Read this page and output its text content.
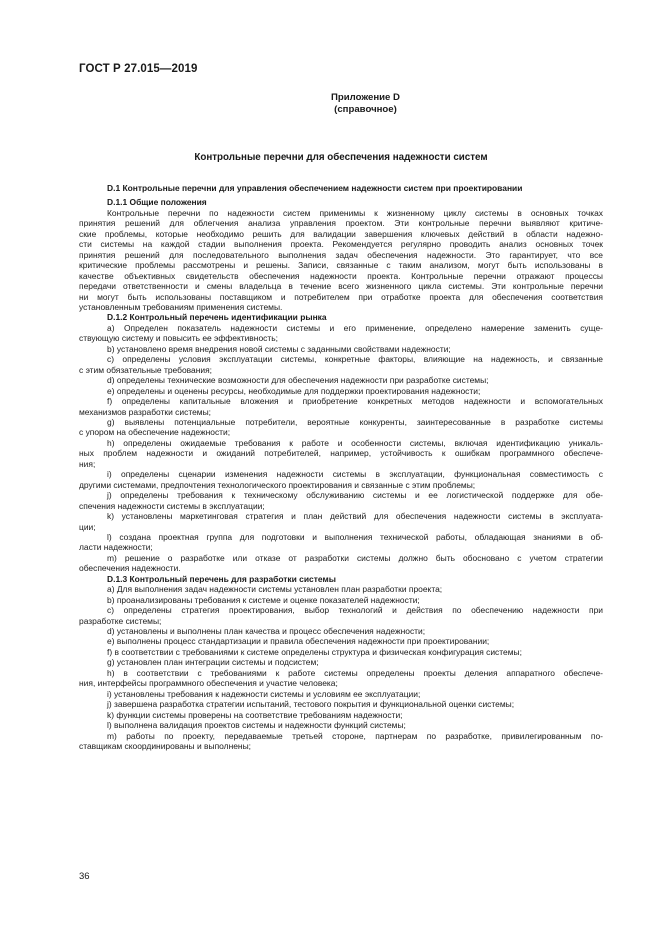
ГОСТ Р 27.015—2019
Приложение D
(справочное)
Контрольные перечни для обеспечения надежности систем
D.1 Контрольные перечни для управления обеспечением надежности систем при проектировании
D.1.1 Общие положения
Контрольные перечни по надежности систем применимы к жизненному циклу системы в основных точках
принятия решений для облегчения анализа управления проектом. Эти контрольные перечни выявляют критиче-
ские проблемы, которые необходимо решить для валидации завершения ключевых действий в области надежно-
сти системы на каждой стадии выполнения проекта. Рекомендуется регулярно проводить анализ основных точек
принятия решений для последовательного выполнения задач обеспечения надежности. Это гарантирует, что все
критические проблемы рассмотрены и решены. Записи, связанные с таким анализом, могут быть использованы в
качестве объективных свидетельств обеспечения надежности проекта. Контрольные перечни отражают процессы
передачи ответственности и смены владельца в течение всего жизненного цикла системы. Эти контрольные перечни
ни могут быть использованы поставщиком и потребителем при отработке проекта для обеспечения соответствия
установленным требованиям применения системы.
D.1.2 Контрольный перечень идентификации рынка
a) Определен показатель надежности системы и его применение, определено намерение заменить суще-
ствующую систему и повысить ее эффективность;
b) установлено время внедрения новой системы с заданными свойствами надежности;
c) определены условия эксплуатации системы, конкретные факторы, влияющие на надежность, и связанные
с этим обязательные требования;
d) определены технические возможности для обеспечения надежности при разработке системы;
e) определены и оценены ресурсы, необходимые для поддержки проектирования надежности;
f) определены капитальные вложения и приобретение конкретных методов надежности и вспомогательных
механизмов разработки системы;
g) выявлены потенциальные потребители, вероятные конкуренты, заинтересованные в разработке системы
с упором на обеспечение надежности;
h) определены ожидаемые требования к работе и особенности системы, включая идентификацию уникаль-
ных проблем надежности и ожиданий потребителей, например, устойчивость к ошибкам программного обеспече-
ния;
i) определены сценарии изменения надежности системы в эксплуатации, функциональная совместимость с
другими системами, предпочтения технологического проектирования и связанные с этим проблемы;
j) определены требования к техническому обслуживанию системы и ее логистической поддержке для обе-
спечения надежности системы в эксплуатации;
k) установлены маркетинговая стратегия и план действий для обеспечения надежности системы в эксплуата-
ции;
l) создана проектная группа для подготовки и выполнения технической работы, обладающая знаниями в об-
ласти надежности;
m) решение о разработке или отказе от разработки системы должно быть обосновано с учетом стратегии
обеспечения надежности.
D.1.3 Контрольный перечень для разработки системы
a) Для выполнения задач надежности системы установлен план разработки проекта;
b) проанализированы требования к системе и оценке показателей надежности;
c) определены стратегия проектирования, выбор технологий и действия по обеспечению надежности при
разработке системы;
d) установлены и выполнены план качества и процесс обеспечения надежности;
e) выполнены процесс стандартизации и правила обеспечения надежности при проектировании;
f) в соответствии с требованиями к системе определены структура и физическая конфигурация системы;
g) установлен план интеграции системы и подсистем;
h) в соответствии с требованиями к работе системы определены проекты деления аппаратного обеспече-
ния, интерфейсы программного обеспечения и участие человека;
i) установлены требования к надежности системы и условиям ее эксплуатации;
j) завершена разработка стратегии испытаний, тестового покрытия и функциональной оценки системы;
k) функции системы проверены на соответствие требованиям надежности;
l) выполнена валидация проектов системы и надежности функций системы;
m) работы по проекту, передаваемые третьей стороне, партнерам по разработке, привилегированным по-
ставщикам скоординированы и выполнены;
36
